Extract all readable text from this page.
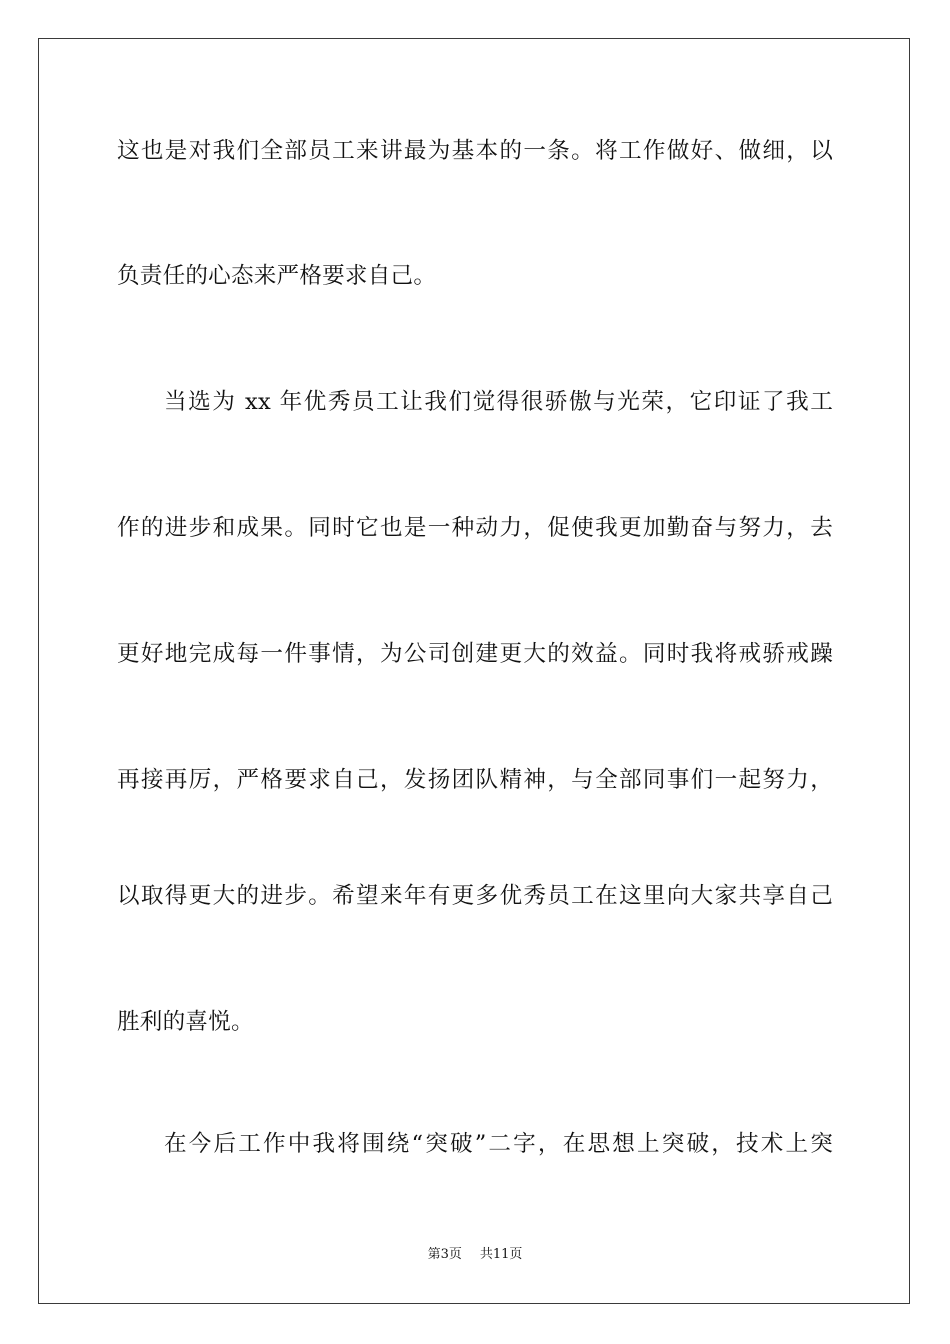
这也是对我们全部员工来讲最为基本的一条。将工作做好、做细，以
负责任的心态来严格要求自己。
当选为 xx 年优秀员工让我们觉得很骄傲与光荣，它印证了我工
作的进步和成果。同时它也是一种动力，促使我更加勤奋与努力，去
更好地完成每一件事情，为公司创建更大的效益。同时我将戒骄戒躁
再接再厉，严格要求自己，发扬团队精神，与全部同事们一起努力，
以取得更大的进步。希望来年有更多优秀员工在这里向大家共享自己
胜利的喜悦。
在今后工作中我将围绕“突破”二字，在思想上突破，技术上突
第3页 共11页
